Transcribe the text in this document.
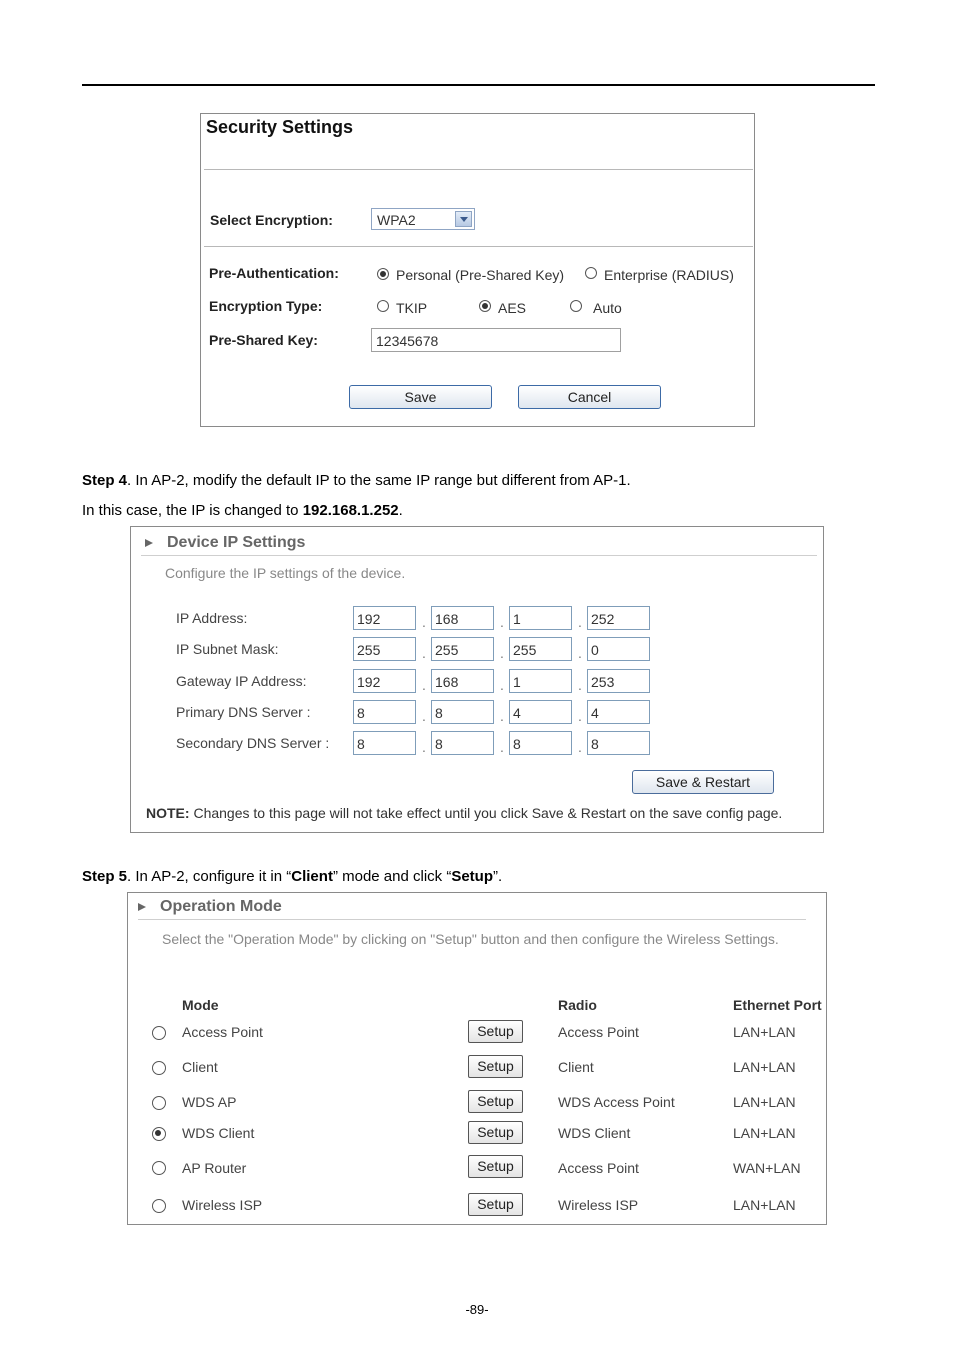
Security Settings
Select Encryption:	WPA2
Pre-Authentication:	Personal (Pre-Shared Key)	Enterprise (RADIUS)
Encryption Type:	TKIP	AES	Auto
Pre-Shared Key:	12345678
Save	Cancel
Step 4. In AP-2, modify the default IP to the same IP range but different from AP-1.
In this case, the IP is changed to 192.168.1.252.
Device IP Settings
Configure the IP settings of the device.
IP Address:	192	. 168	. 1	. 252
IP Subnet Mask:	255	. 255	. 255	. 0
Gateway IP Address:	192	. 168	. 1	. 253
Primary DNS Server :	8	. 8	. 4	. 4
Secondary DNS Server : 8	. 8	. 8	. 8
Save & Restart
NOTE: Changes to this page will not take effect until you click Save & Restart on the save config page.
Step 5. In AP-2, configure it in “Client” mode and click “Setup”.
Operation Mode
Select the "Operation Mode" by clicking on "Setup" button and then configure the Wireless Settings.
Mode	Radio	Ethernet Port
Access Point	Setup	Access Point	LAN+LAN
Client	Setup	Client	LAN+LAN
WDS AP	Setup	WDS Access Point	LAN+LAN
WDS Client	Setup	WDS Client	LAN+LAN
AP Router	Setup	Access Point	WAN+LAN
Wireless ISP	Setup	Wireless ISP	LAN+LAN
-89-
